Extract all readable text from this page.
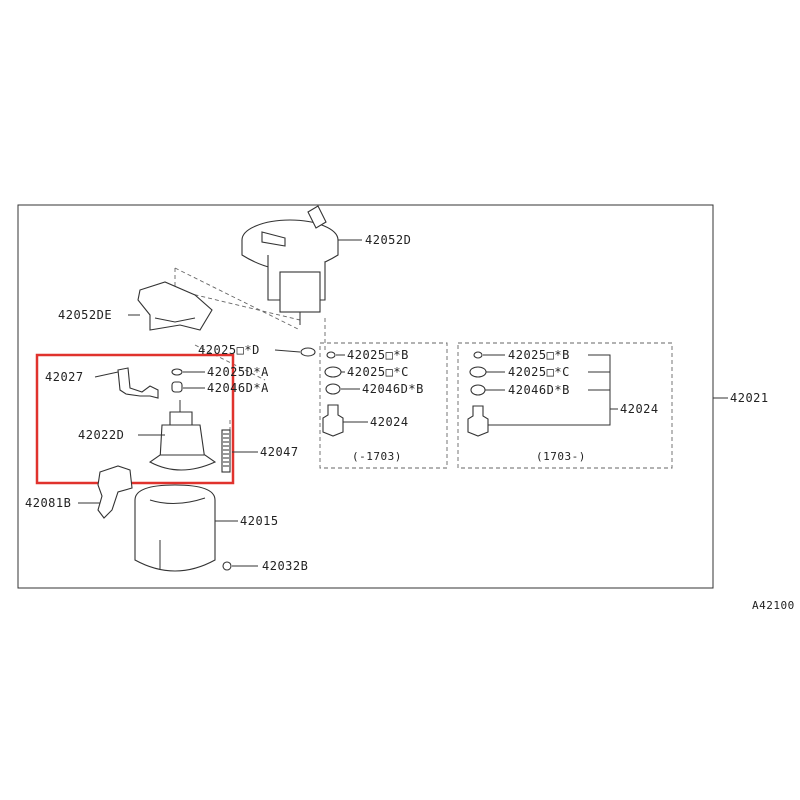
42052D
42052DE
42025□*D
42027	42025D*A
42046D*A
42022D
42047
42081B
42015
42032B
42021
42025□*B
42025□*C
42046D*B
42024
(-1703)
42025□*B
42025□*C
42046D*B
42024
(1703-)
A42100
